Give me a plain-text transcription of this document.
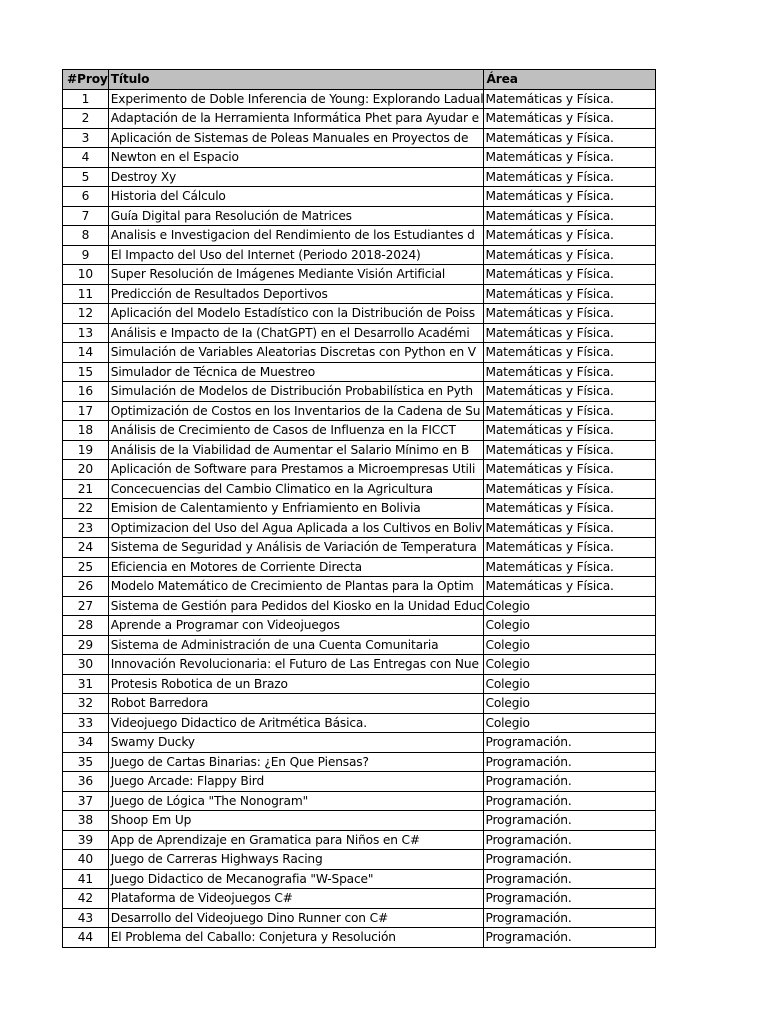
#Proy	Título	Área
1	Experimento de Doble Inferencia de Young: Explorando Ladual	Matemáticas y Física.
2	Adaptación de la Herramienta Informática Phet para Ayudar e	Matemáticas y Física.
3	Aplicación de Sistemas de Poleas Manuales en Proyectos de	Matemáticas y Física.
4	Newton en el Espacio	Matemáticas y Física.
5	Destroy Xy	Matemáticas y Física.
6	Historia del Cálculo	Matemáticas y Física.
7	Guía Digital para Resolución de Matrices	Matemáticas y Física.
8	Analisis e Investigacion del Rendimiento de los Estudiantes d	Matemáticas y Física.
9	El Impacto del Uso del Internet (Periodo 2018-2024)	Matemáticas y Física.
10	Super Resolución de Imágenes Mediante Visión Artificial	Matemáticas y Física.
11	Predicción de Resultados Deportivos	Matemáticas y Física.
12	Aplicación del Modelo Estadístico con la Distribución de Poiss	Matemáticas y Física.
13	Análisis e Impacto de Ia (ChatGPT) en el Desarrollo Académi	Matemáticas y Física.
14	Simulación de Variables Aleatorias Discretas con Python en V	Matemáticas y Física.
15	Simulador de Técnica de Muestreo	Matemáticas y Física.
16	Simulación de Modelos de Distribución Probabilística en Pyth	Matemáticas y Física.
17	Optimización de Costos en los Inventarios de la Cadena de Su	Matemáticas y Física.
18	Análisis de Crecimiento de Casos de Influenza en la FICCT	Matemáticas y Física.
19	Análisis de la Viabilidad de Aumentar el Salario Mínimo en B	Matemáticas y Física.
20	Aplicación de Software para Prestamos a Microempresas Utili	Matemáticas y Física.
21	Concecuencias del Cambio Climatico en la Agricultura	Matemáticas y Física.
22	Emision de Calentamiento y Enfriamiento en Bolivia	Matemáticas y Física.
23	Optimizacion del Uso del Agua Aplicada a los Cultivos en Boliv	Matemáticas y Física.
24	Sistema de Seguridad y Análisis de Variación de Temperatura	Matemáticas y Física.
25	Eficiencia en Motores de Corriente Directa	Matemáticas y Física.
26	Modelo Matemático de Crecimiento de Plantas para la Optim	Matemáticas y Física.
27	Sistema de Gestión para Pedidos del Kiosko en la Unidad Educ	Colegio
28	Aprende a Programar con Videojuegos	Colegio
29	Sistema de Administración de una Cuenta Comunitaria	Colegio
30	Innovación Revolucionaria: el Futuro de Las Entregas con Nue	Colegio
31	Protesis Robotica de un Brazo	Colegio
32	Robot Barredora	Colegio
33	Videojuego Didactico de Aritmética Básica.	Colegio
34	Swamy Ducky	Programación.
35	Juego de Cartas Binarias: ¿En Que Piensas?	Programación.
36	Juego Arcade: Flappy Bird	Programación.
37	Juego de Lógica "The Nonogram"	Programación.
38	Shoop Em Up	Programación.
39	App de Aprendizaje en Gramatica para Niños en C#	Programación.
40	Juego de Carreras Highways Racing	Programación.
41	Juego Didactico de Mecanografia "W-Space"	Programación.
42	Plataforma de Videojuegos C#	Programación.
43	Desarrollo del Videojuego Dino Runner con C#	Programación.
44	El Problema del Caballo: Conjetura y Resolución	Programación.
